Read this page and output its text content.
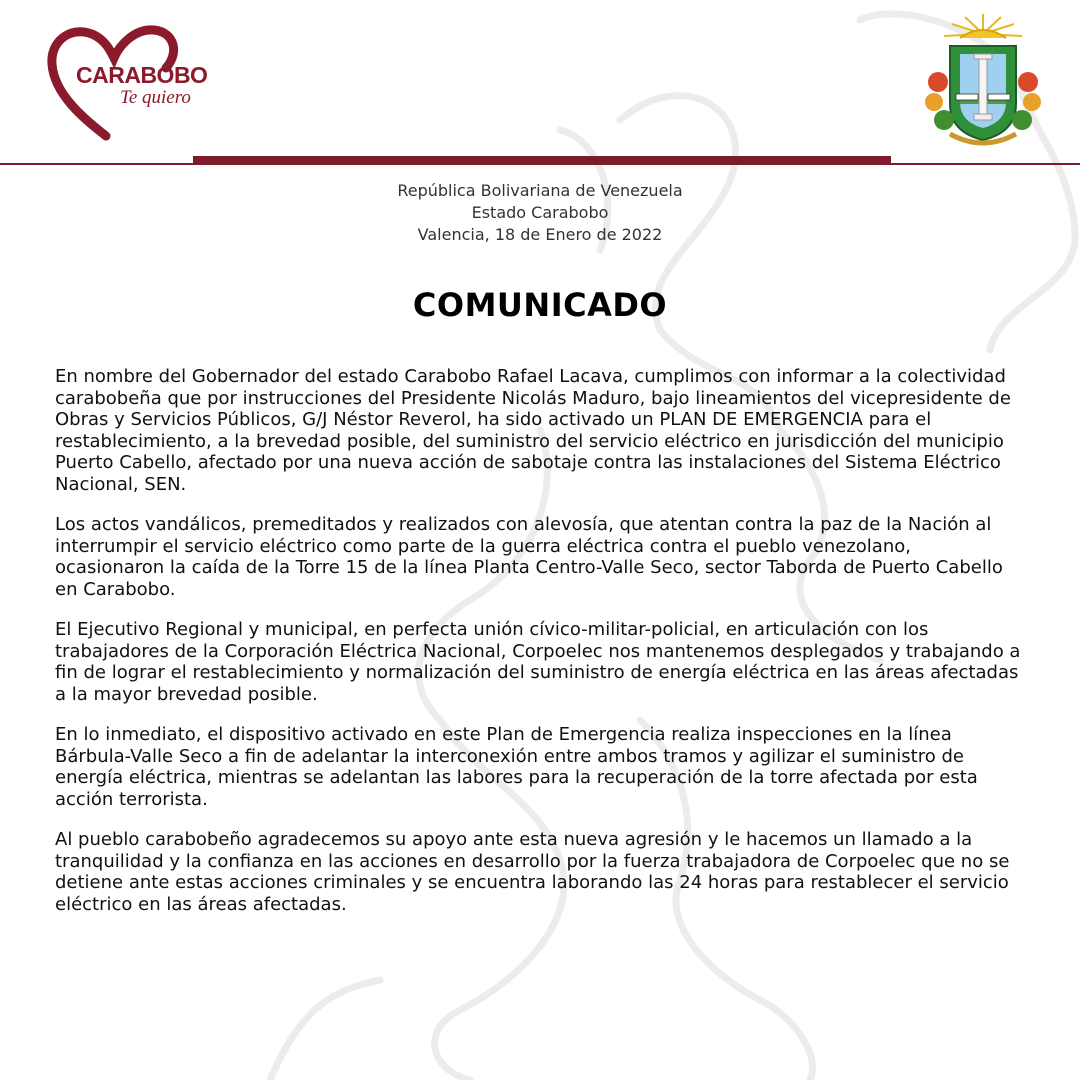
CARABOBO
Te quiero
República Bolivariana de Venezuela
Estado Carabobo
Valencia, 18 de Enero de 2022
COMUNICADO

En nombre del Gobernador del estado Carabobo Rafael Lacava, cumplimos con informar a la colectividad carabobeña que por instrucciones del Presidente Nicolás Maduro, bajo lineamientos del vicepresidente de Obras y Servicios Públicos, G/J Néstor Reverol, ha sido activado un PLAN DE EMERGENCIA para el restablecimiento, a la brevedad posible, del suministro del servicio eléctrico en jurisdicción del municipio Puerto Cabello, afectado por una nueva acción de sabotaje contra las instalaciones del Sistema Eléctrico Nacional, SEN.

Los actos vandálicos, premeditados y realizados con alevosía, que atentan contra la paz de la Nación al interrumpir el servicio eléctrico como parte de la guerra eléctrica contra el pueblo venezolano, ocasionaron la caída de la Torre 15 de la línea Planta Centro-Valle Seco, sector Taborda de Puerto Cabello en Carabobo.

El Ejecutivo Regional y municipal, en perfecta unión cívico-militar-policial, en articulación con los trabajadores de la Corporación Eléctrica Nacional, Corpoelec nos mantenemos desplegados y trabajando a fin de lograr el restablecimiento y normalización del suministro de energía eléctrica en las áreas afectadas a la mayor brevedad posible.

En lo inmediato, el dispositivo activado en este Plan de Emergencia realiza inspecciones en la línea Bárbula-Valle Seco a fin de adelantar la interconexión entre ambos tramos y agilizar el suministro de energía eléctrica, mientras se adelantan las labores para la recuperación de la torre afectada por esta acción terrorista.

Al pueblo carabobeño agradecemos su apoyo ante esta nueva agresión y le hacemos un llamado a la tranquilidad y la confianza en las acciones en desarrollo por la fuerza trabajadora de Corpoelec que no se detiene ante estas acciones criminales y se encuentra laborando las 24 horas para restablecer el servicio eléctrico en las áreas afectadas.
